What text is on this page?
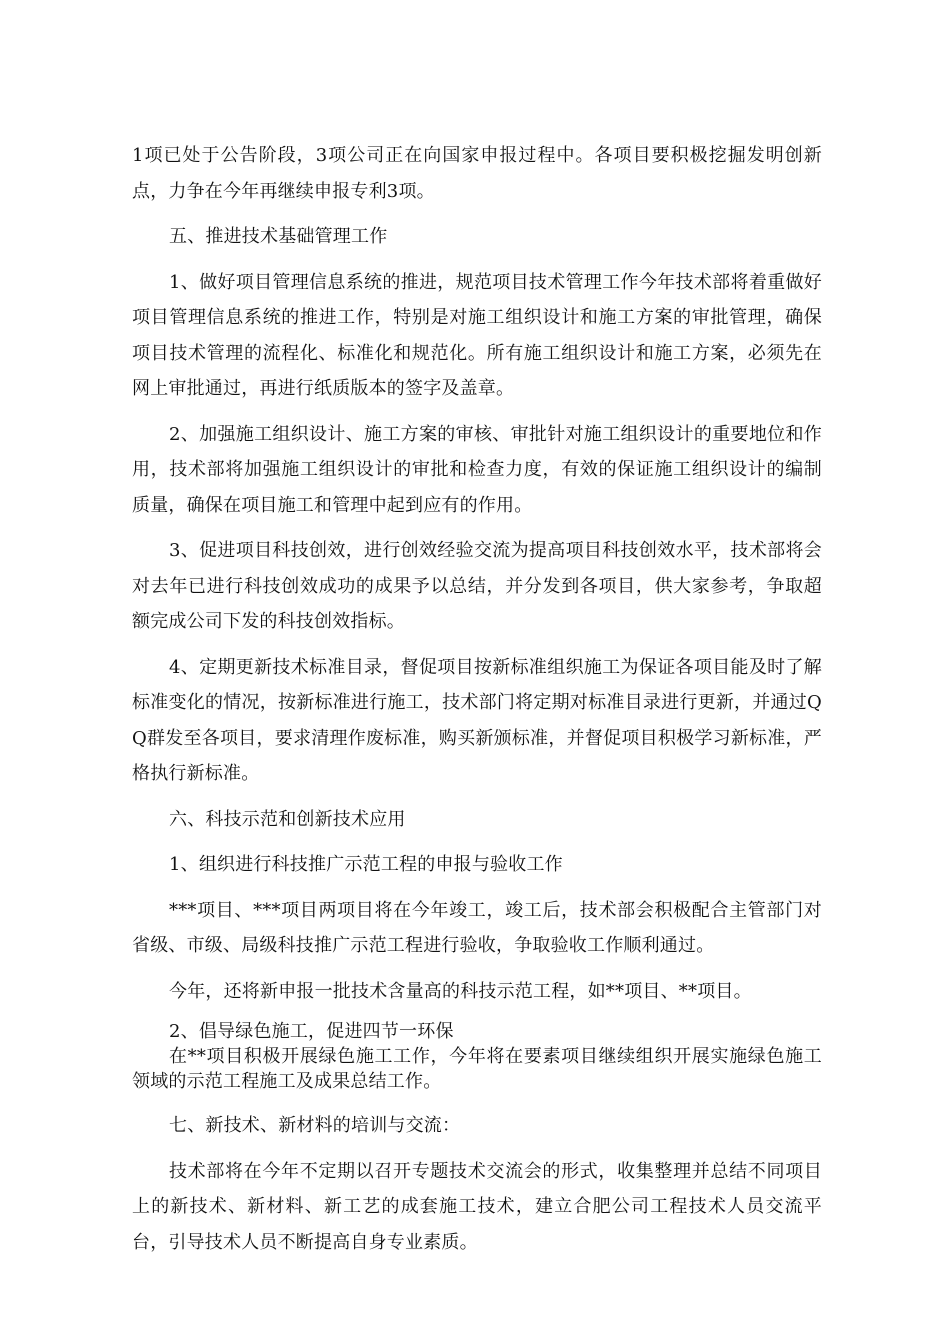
1项已处于公告阶段，3项公司正在向国家申报过程中。各项目要积极挖掘发明创新点，力争在今年再继续申报专利3项。

五、推进技术基础管理工作

1、做好项目管理信息系统的推进，规范项目技术管理工作今年技术部将着重做好项目管理信息系统的推进工作，特别是对施工组织设计和施工方案的审批管理，确保项目技术管理的流程化、标准化和规范化。所有施工组织设计和施工方案，必须先在网上审批通过，再进行纸质版本的签字及盖章。

2、加强施工组织设计、施工方案的审核、审批针对施工组织设计的重要地位和作用，技术部将加强施工组织设计的审批和检查力度，有效的保证施工组织设计的编制质量，确保在项目施工和管理中起到应有的作用。

3、促进项目科技创效，进行创效经验交流为提高项目科技创效水平，技术部将会对去年已进行科技创效成功的成果予以总结，并分发到各项目，供大家参考，争取超额完成公司下发的科技创效指标。

4、定期更新技术标准目录，督促项目按新标准组织施工为保证各项目能及时了解标准变化的情况，按新标准进行施工，技术部门将定期对标准目录进行更新，并通过QQ群发至各项目，要求清理作废标准，购买新颁标准，并督促项目积极学习新标准，严格执行新标准。

六、科技示范和创新技术应用

1、组织进行科技推广示范工程的申报与验收工作

***项目、***项目两项目将在今年竣工，竣工后，技术部会积极配合主管部门对省级、市级、局级科技推广示范工程进行验收，争取验收工作顺利通过。

今年，还将新申报一批技术含量高的科技示范工程，如**项目、**项目。

2、倡导绿色施工，促进四节一环保

在**项目积极开展绿色施工工作，今年将在要素项目继续组织开展实施绿色施工领域的示范工程施工及成果总结工作。

七、新技术、新材料的培训与交流：

技术部将在今年不定期以召开专题技术交流会的形式，收集整理并总结不同项目上的新技术、新材料、新工艺的成套施工技术，建立合肥公司工程技术人员交流平台，引导技术人员不断提高自身专业素质。
